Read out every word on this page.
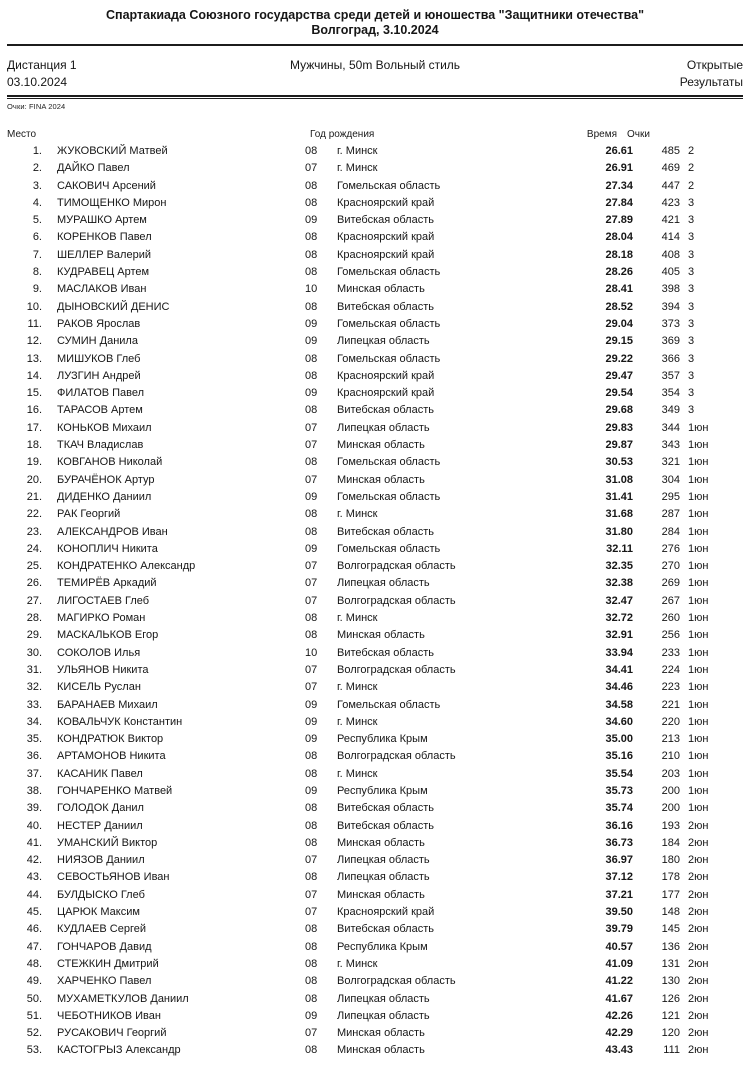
Спартакиада Союзного государства среди детей и юношества "Защитники отечества"
Волгоград, 3.10.2024
Дистанция 1	Мужчины, 50m Вольный стиль	Открытые
03.10.2024	Результаты
Очки: FINA 2024
Место	Год рождения	Время Очки
1.	ЖУКОВСКИЙ Матвей	08	г. Минск	26.61	485 2
2.	ДАЙКО Павел	07	г. Минск	26.91	469 2
3.	САКОВИЧ Арсений	08	Гомельская область	27.34	447 2
4.	ТИМОЩЕНКО Мирон	08	Красноярский край	27.84	423 3
5.	МУРАШКО Артем	09	Витебская область	27.89	421 3
6.	КОРЕНКОВ Павел	08	Красноярский край	28.04	414 3
7.	ШЕЛЛЕР Валерий	08	Красноярский край	28.18	408 3
8.	КУДРАВЕЦ Артем	08	Гомельская область	28.26	405 3
9.	МАСЛАКОВ Иван	10	Минская область	28.41	398 3
10.	ДЫНОВСКИЙ ДЕНИС	08	Витебская область	28.52	394 3
11.	РАКОВ Ярослав	09	Гомельская область	29.04	373 3
12.	СУМИН Данила	09	Липецкая область	29.15	369 3
13.	МИШУКОВ Глеб	08	Гомельская область	29.22	366 3
14.	ЛУЗГИН Андрей	08	Красноярский край	29.47	357 3
15.	ФИЛАТОВ Павел	09	Красноярский край	29.54	354 3
16.	ТАРАСОВ Артем	08	Витебская область	29.68	349 3
17.	КОНЬКОВ Михаил	07	Липецкая область	29.83	344 1юн
18.	ТКАЧ Владислав	07	Минская область	29.87	343 1юн
19.	КОВГАНОВ Николай	08	Гомельская область	30.53	321 1юн
20.	БУРАЧЁНОК Артур	07	Минская область	31.08	304 1юн
21.	ДИДЕНКО Даниил	09	Гомельская область	31.41	295 1юн
22.	РАК Георгий	08	г. Минск	31.68	287 1юн
23.	АЛЕКСАНДРОВ Иван	08	Витебская область	31.80	284 1юн
24.	КОНОПЛИЧ Никита	09	Гомельская область	32.11	276 1юн
25.	КОНДРАТЕНКО Александр	07	Волгоградская область	32.35	270 1юн
26.	ТЕМИРЁВ Аркадий	07	Липецкая область	32.38	269 1юн
27.	ЛИГОСТАЕВ Глеб	07	Волгоградская область	32.47	267 1юн
28.	МАГИРКО Роман	08	г. Минск	32.72	260 1юн
29.	МАСКАЛЬКОВ Егор	08	Минская область	32.91	256 1юн
30.	СОКОЛОВ Илья	10	Витебская область	33.94	233 1юн
31.	УЛЬЯНОВ Никита	07	Волгоградская область	34.41	224 1юн
32.	КИСЕЛЬ Руслан	07	г. Минск	34.46	223 1юн
33.	БАРАНАЕВ Михаил	09	Гомельская область	34.58	221 1юн
34.	КОВАЛЬЧУК Константин	09	г. Минск	34.60	220 1юн
35.	КОНДРАТЮК Виктор	09	Республика Крым	35.00	213 1юн
36.	АРТАМОНОВ Никита	08	Волгоградская область	35.16	210 1юн
37.	КАСАНИК Павел	08	г. Минск	35.54	203 1юн
38.	ГОНЧАРЕНКО Матвей	09	Республика Крым	35.73	200 1юн
39.	ГОЛОДОК Данил	08	Витебская область	35.74	200 1юн
40.	НЕСТЕР Даниил	08	Витебская область	36.16	193 2юн
41.	УМАНСКИЙ Виктор	08	Минская область	36.73	184 2юн
42.	НИЯЗОВ Даниил	07	Липецкая область	36.97	180 2юн
43.	СЕВОСТЬЯНОВ Иван	08	Липецкая область	37.12	178 2юн
44.	БУЛДЫСКО Глеб	07	Минская область	37.21	177 2юн
45.	ЦАРЮК Максим	07	Красноярский край	39.50	148 2юн
46.	КУДЛАЕВ Сергей	08	Витебская область	39.79	145 2юн
47.	ГОНЧАРОВ Давид	08	Республика Крым	40.57	136 2юн
48.	СТЕЖКИН Дмитрий	08	г. Минск	41.09	131 2юн
49.	ХАРЧЕНКО Павел	08	Волгоградская область	41.22	130 2юн
50.	МУХАМЕТКУЛОВ Даниил	08	Липецкая область	41.67	126 2юн
51.	ЧЕБОТНИКОВ Иван	09	Липецкая область	42.26	121 2юн
52.	РУСАКОВИЧ Георгий	07	Минская область	42.29	120 2юн
53.	КАСТОГРЫЗ Александр	08	Минская область	43.43	111 2юн
